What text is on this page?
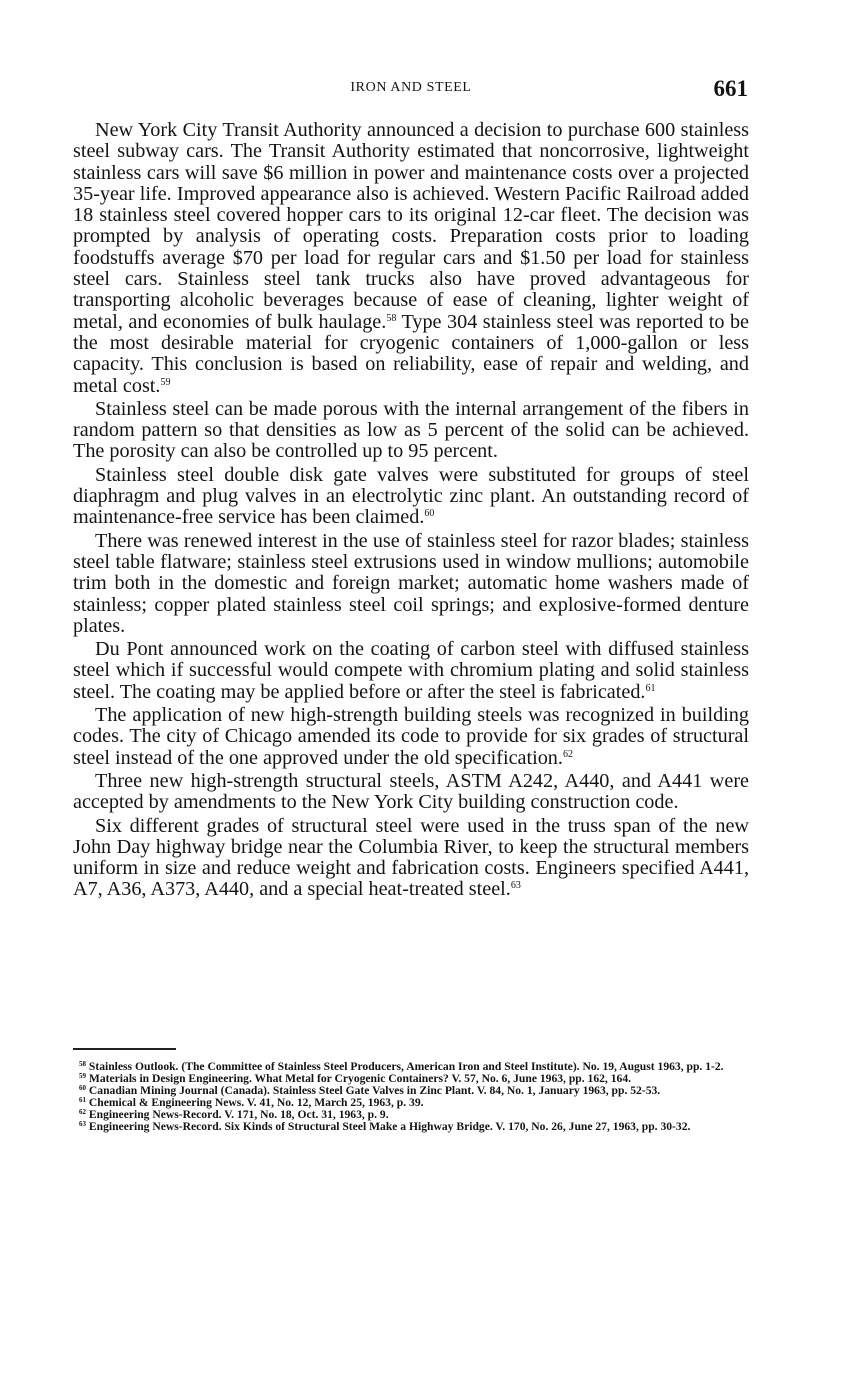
IRON AND STEEL	661

New York City Transit Authority announced a decision to purchase 600 stainless steel subway cars. The Transit Authority estimated that noncorrosive, lightweight stainless cars will save $6 million in power and maintenance costs over a projected 35-year life. Improved appearance also is achieved. Western Pacific Railroad added 18 stainless steel covered hopper cars to its original 12-car fleet. The decision was prompted by analysis of operating costs. Preparation costs prior to loading foodstuffs average $70 per load for regular cars and $1.50 per load for stainless steel cars. Stainless steel tank trucks also have proved advantageous for transporting alcoholic beverages because of ease of cleaning, lighter weight of metal, and economies of bulk haulage.$^{58}$ Type 304 stainless steel was reported to be the most desirable material for cryogenic containers of 1,000-gallon or less capacity. This conclusion is based on reliability, ease of repair and welding, and metal cost.$^{59}$

Stainless steel can be made porous with the internal arrangement of the fibers in random pattern so that densities as low as 5 percent of the solid can be achieved. The porosity can also be controlled up to 95 percent.

Stainless steel double disk gate valves were substituted for groups of steel diaphragm and plug valves in an electrolytic zinc plant. An outstanding record of maintenance-free service has been claimed.$^{60}$

There was renewed interest in the use of stainless steel for razor blades; stainless steel table flatware; stainless steel extrusions used in window mullions; automobile trim both in the domestic and foreign market; automatic home washers made of stainless; copper plated stainless steel coil springs; and explosive-formed denture plates.

Du Pont announced work on the coating of carbon steel with diffused stainless steel which if successful would compete with chromium plating and solid stainless steel. The coating may be applied before or after the steel is fabricated.$^{61}$

The application of new high-strength building steels was recognized in building codes. The city of Chicago amended its code to provide for six grades of structural steel instead of the one approved under the old specification.$^{62}$

Three new high-strength structural steels, ASTM A242, A440, and A441 were accepted by amendments to the New York City building construction code.

Six different grades of structural steel were used in the truss span of the new John Day highway bridge near the Columbia River, to keep the structural members uniform in size and reduce weight and fabrication costs. Engineers specified A441, A7, A36, A373, A440, and a special heat-treated steel.$^{63}$

$^{58}$ Stainless Outlook. (The Committee of Stainless Steel Producers, American Iron and Steel Institute). No. 19, August 1963, pp. 1-2.

$^{59}$ Materials in Design Engineering. What Metal for Cryogenic Containers? V. 57, No. 6, June 1963, pp. 162, 164.

$^{60}$ Canadian Mining Journal (Canada). Stainless Steel Gate Valves in Zinc Plant. V. 84, No. 1, January 1963, pp. 52-53.

$^{61}$ Chemical & Engineering News. V. 41, No. 12, March 25, 1963, p. 39.

$^{62}$ Engineering News-Record. V. 171, No. 18, Oct. 31, 1963, p. 9.

$^{63}$ Engineering News-Record. Six Kinds of Structural Steel Make a Highway Bridge. V. 170, No. 26, June 27, 1963, pp. 30-32.
